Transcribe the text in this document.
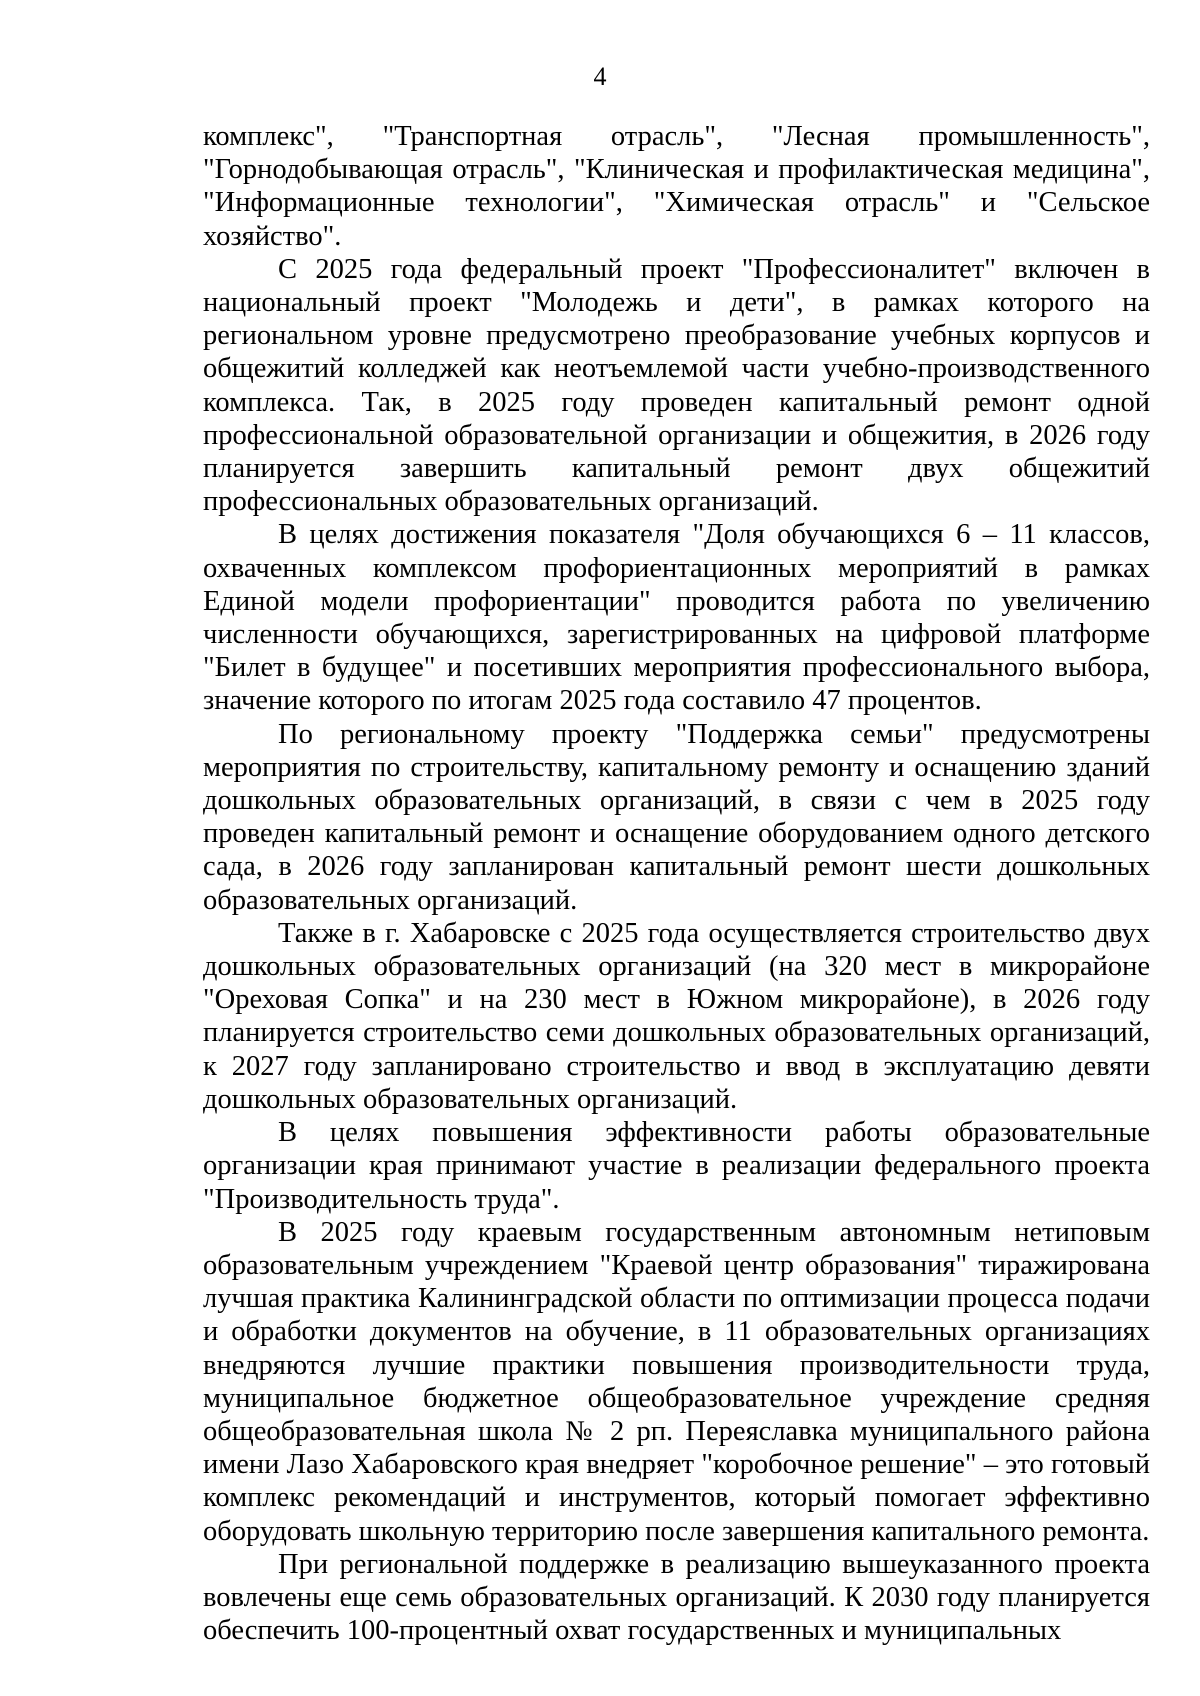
4

комплекс", "Транспортная отрасль", "Лесная промышленность", "Горнодобывающая отрасль", "Клиническая и профилактическая медицина", "Информационные технологии", "Химическая отрасль" и "Сельское хозяйство".

С 2025 года федеральный проект "Профессионалитет" включен в национальный проект "Молодежь и дети", в рамках которого на региональном уровне предусмотрено преобразование учебных корпусов и общежитий колледжей как неотъемлемой части учебно-производственного комплекса. Так, в 2025 году проведен капитальный ремонт одной профессиональной образовательной организации и общежития, в 2026 году планируется завершить капитальный ремонт двух общежитий профессиональных образовательных организаций.

В целях достижения показателя "Доля обучающихся 6 – 11 классов, охваченных комплексом профориентационных мероприятий в рамках Единой модели профориентации" проводится работа по увеличению численности обучающихся, зарегистрированных на цифровой платформе "Билет в будущее" и посетивших мероприятия профессионального выбора, значение которого по итогам 2025 года составило 47 процентов.

По региональному проекту "Поддержка семьи" предусмотрены мероприятия по строительству, капитальному ремонту и оснащению зданий дошкольных образовательных организаций, в связи с чем в 2025 году проведен капитальный ремонт и оснащение оборудованием одного детского сада, в 2026 году запланирован капитальный ремонт шести дошкольных образовательных организаций.

Также в г. Хабаровске с 2025 года осуществляется строительство двух дошкольных образовательных организаций (на 320 мест в микрорайоне "Ореховая Сопка" и на 230 мест в Южном микрорайоне), в 2026 году планируется строительство семи дошкольных образовательных организаций, к 2027 году запланировано строительство и ввод в эксплуатацию девяти дошкольных образовательных организаций.

В целях повышения эффективности работы образовательные организации края принимают участие в реализации федерального проекта "Производительность труда".

В 2025 году краевым государственным автономным нетиповым образовательным учреждением "Краевой центр образования" тиражирована лучшая практика Калининградской области по оптимизации процесса подачи и обработки документов на обучение, в 11 образовательных организациях внедряются лучшие практики повышения производительности труда, муниципальное бюджетное общеобразовательное учреждение средняя общеобразовательная школа № 2 рп. Переяславка муниципального района имени Лазо Хабаровского края внедряет "коробочное решение" – это готовый комплекс рекомендаций и инструментов, который помогает эффективно оборудовать школьную территорию после завершения капитального ремонта.

При региональной поддержке в реализацию вышеуказанного проекта вовлечены еще семь образовательных организаций. К 2030 году планируется обеспечить 100-процентный охват государственных и муниципальных
